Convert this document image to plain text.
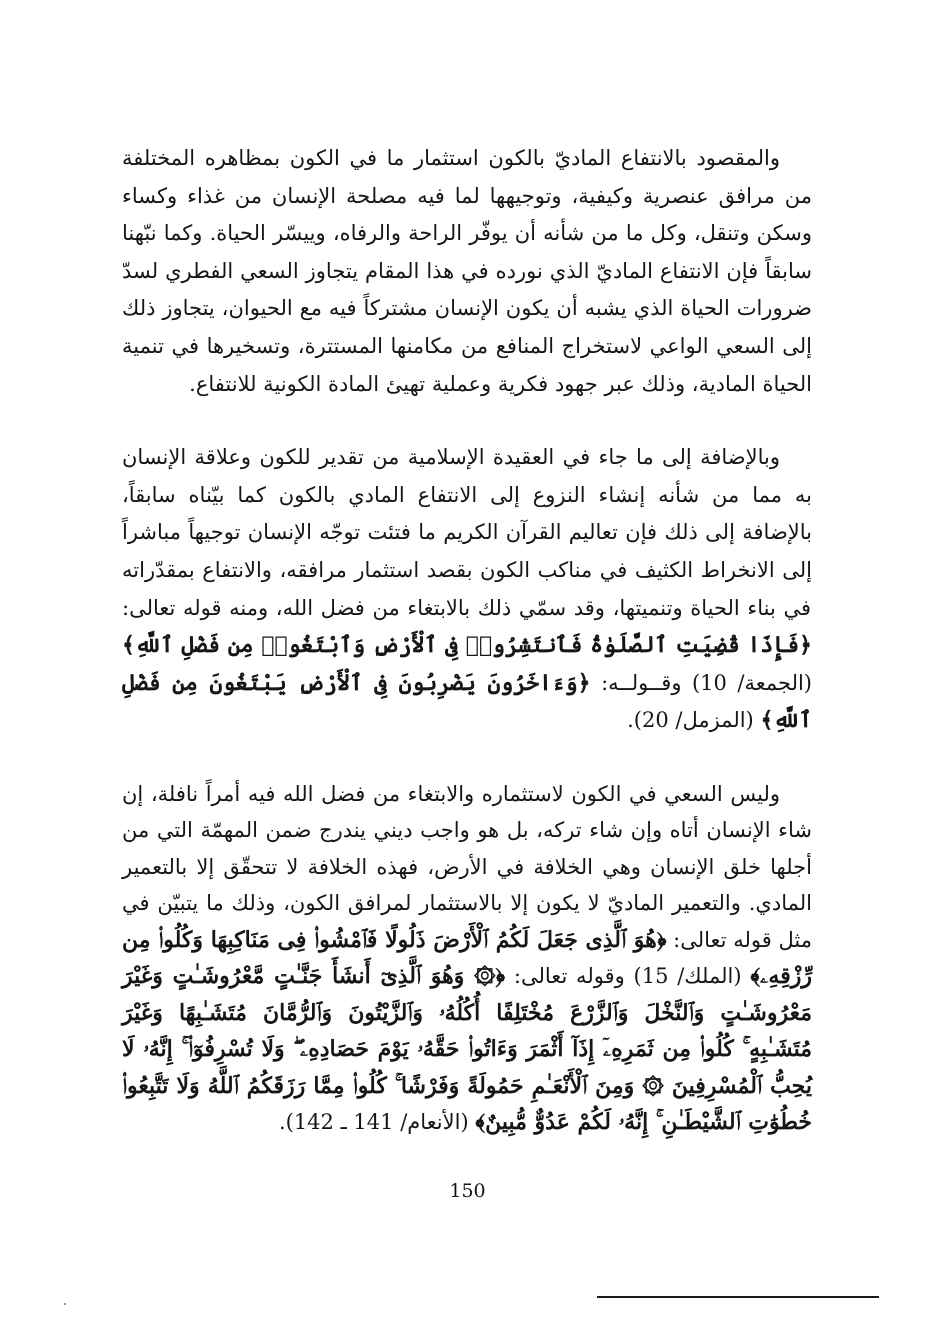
والمقصود بالانتفاع الماديّ بالكون استثمار ما في الكون بمظاهره المختلفة من مرافق عنصرية وكيفية، وتوجيهها لما فيه مصلحة الإنسان من غذاء وكساء وسكن وتنقل، وكل ما من شأنه أن يوفّر الراحة والرفاه، وييسّر الحياة. وكما نبّهنا سابقاً فإن الانتفاع الماديّ الذي نورده في هذا المقام يتجاوز السعي الفطري لسدّ ضرورات الحياة الذي يشبه أن يكون الإنسان مشتركاً فيه مع الحيوان، يتجاوز ذلك إلى السعي الواعي لاستخراج المنافع من مكامنها المستترة، وتسخيرها في تنمية الحياة المادية، وذلك عبر جهود فكرية وعملية تهيئ المادة الكونية للانتفاع.

وبالإضافة إلى ما جاء في العقيدة الإسلامية من تقدير للكون وعلاقة الإنسان به مما من شأنه إنشاء النزوع إلى الانتفاع المادي بالكون كما بيّناه سابقاً، بالإضافة إلى ذلك فإن تعاليم القرآن الكريم ما فتئت توجّه الإنسان توجيهاً مباشراً إلى الانخراط الكثيف في مناكب الكون بقصد استثمار مرافقه، والانتفاع بمقدّراته في بناء الحياة وتنميتها، وقد سمّي ذلك بالابتغاء من فضل الله، ومنه قوله تعالى: ﴿فَإِذَا قُضِيَتِ ٱلصَّلَوٰةُ فَٱنتَشِرُوا۟ فِى ٱلْأَرْضِ وَٱبْتَغُوا۟ مِن فَضْلِ ٱللَّهِ﴾ (الجمعة/ 10) وقــولــه: ﴿وَءَاخَرُونَ يَضْرِبُونَ فِى ٱلْأَرْضِ يَبْتَغُونَ مِن فَضْلِ ٱللَّهِ﴾ (المزمل/ 20).

وليس السعي في الكون لاستثماره والابتغاء من فضل الله فيه أمراً نافلة، إن شاء الإنسان أتاه وإن شاء تركه، بل هو واجب ديني يندرج ضمن المهمّة التي من أجلها خلق الإنسان وهي الخلافة في الأرض، فهذه الخلافة لا تتحقّق إلا بالتعمير المادي. والتعمير الماديّ لا يكون إلا بالاستثمار لمرافق الكون، وذلك ما يتبيّن في مثل قوله تعالى: ﴿هُوَ ٱلَّذِى جَعَلَ لَكُمُ ٱلْأَرْضَ ذَلُولًا فَٱمْشُوا۟ فِى مَنَاكِبِهَا وَكُلُوا۟ مِن رِّزْقِهِۦ﴾ (الملك/ 15) وقوله تعالى: ﴿۞ وَهُوَ ٱلَّذِىٓ أَنشَأَ جَنَّـٰتٍ مَّعْرُوشَـٰتٍ وَغَيْرَ مَعْرُوشَـٰتٍ وَٱلنَّخْلَ وَٱلزَّرْعَ مُخْتَلِفًا أُكُلُهُۥ وَٱلزَّيْتُونَ وَٱلرُّمَّانَ مُتَشَـٰبِهًا وَغَيْرَ مُتَشَـٰبِهٍ ۚ كُلُوا۟ مِن ثَمَرِهِۦٓ إِذَآ أَثْمَرَ وَءَاتُوا۟ حَقَّهُۥ يَوْمَ حَصَادِهِۦ ۖ وَلَا تُسْرِفُوٓا۟ ۚ إِنَّهُۥ لَا يُحِبُّ ٱلْمُسْرِفِينَ ۞ وَمِنَ ٱلْأَنْعَـٰمِ حَمُولَةً وَفَرْشًا ۚ كُلُوا۟ مِمَّا رَزَقَكُمُ ٱللَّهُ وَلَا تَتَّبِعُوا۟ خُطُوَٰتِ ٱلشَّيْطَـٰنِ ۚ إِنَّهُۥ لَكُمْ عَدُوٌّ مُّبِينٌ﴾ (الأنعام/ 141 ـ 142).

150
